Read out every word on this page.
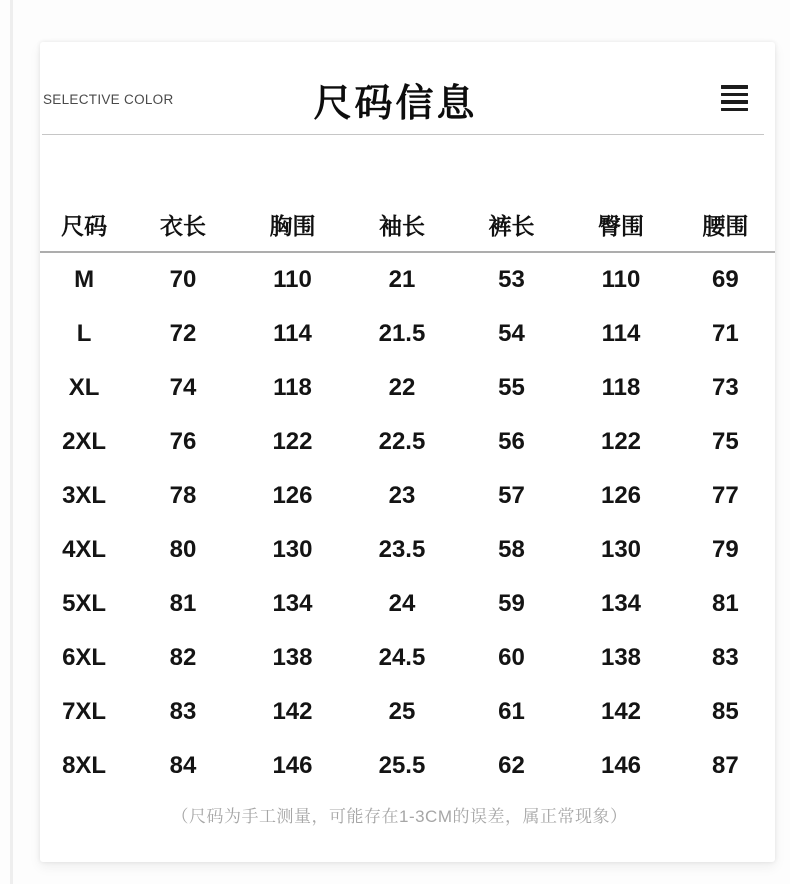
SELECTIVE COLOR	尺码信息
尺码	衣长	胸围	袖长	裤长	臀围	腰围
M	70	110	21	53	110	69
L	72	114	21.5	54	114	71
XL	74	118	22	55	118	73
2XL	76	122	22.5	56	122	75
3XL	78	126	23	57	126	77
4XL	80	130	23.5	58	130	79
5XL	81	134	24	59	134	81
6XL	82	138	24.5	60	138	83
7XL	83	142	25	61	142	85
8XL	84	146	25.5	62	146	87
（尺码为手工测量，可能存在1-3CM的误差，属正常现象）
